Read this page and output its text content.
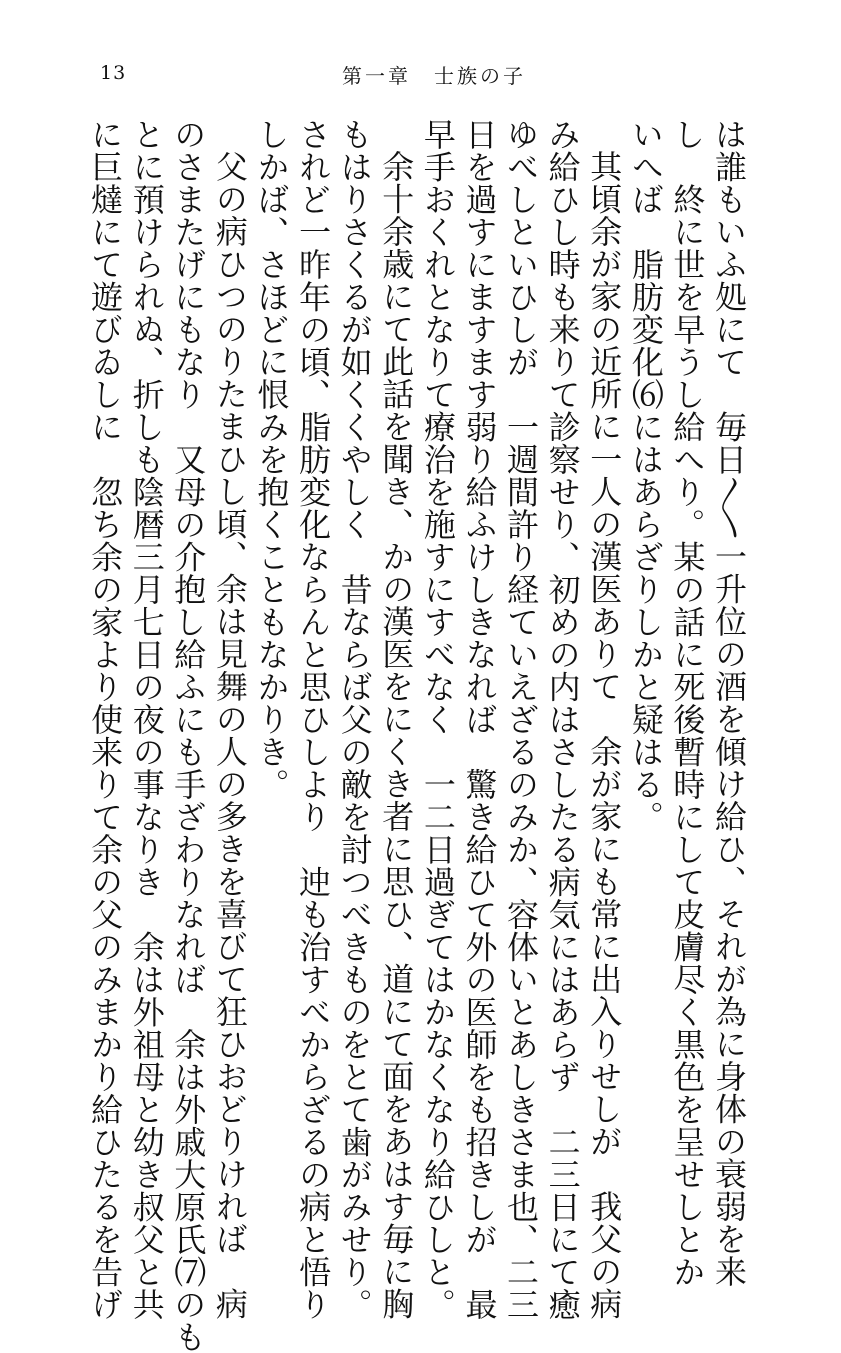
13	第一章　士族の子
は誰もいふ処にて　毎日〳〵一升位の酒を傾け給ひ、それが為に身体の衰弱を来
し　終に世を早うし給へり。某の話に死後暫時にして皮膚尽く黒色を呈せしとか
いへば　脂肪変化⑹にはあらざりしかと疑はる。
其頃余が家の近所に一人の漢医ありて　余が家にも常に出入りせしが　我父の病
み給ひし時も来りて診察せり、初めの内はさしたる病気にはあらず　二三日にて癒
ゆべしといひしが　一週間許り経ていえざるのみか、容体いとあしきさま也、二三
日を過すにますます弱り給ふけしきなれば　驚き給ひて外の医師をも招きしが　最
早手おくれとなりて療治を施すにすべなく　一二日過ぎてはかなくなり給ひしと。
余十余歳にて此話を聞き、かの漢医をにくき者に思ひ、道にて面をあはす毎に胸
もはりさくるが如くくやしく　昔ならば父の敵を討つべきものをとて歯がみせり。
されど一昨年の頃、脂肪変化ならんと思ひしより　迚も治すべからざるの病と悟り
しかば、さほどに恨みを抱くこともなかりき。
父の病ひつのりたまひし頃、余は見舞の人の多きを喜びて狂ひおどりければ　病
のさまたげにもなり　又母の介抱し給ふにも手ざわりなれば　余は外戚大原氏⑺のも
とに預けられぬ、折しも陰暦三月七日の夜の事なりき　余は外祖母と幼き叔父と共
に巨燵にて遊びゐしに　忽ち余の家より使来りて余の父のみまかり給ひたるを告げ
